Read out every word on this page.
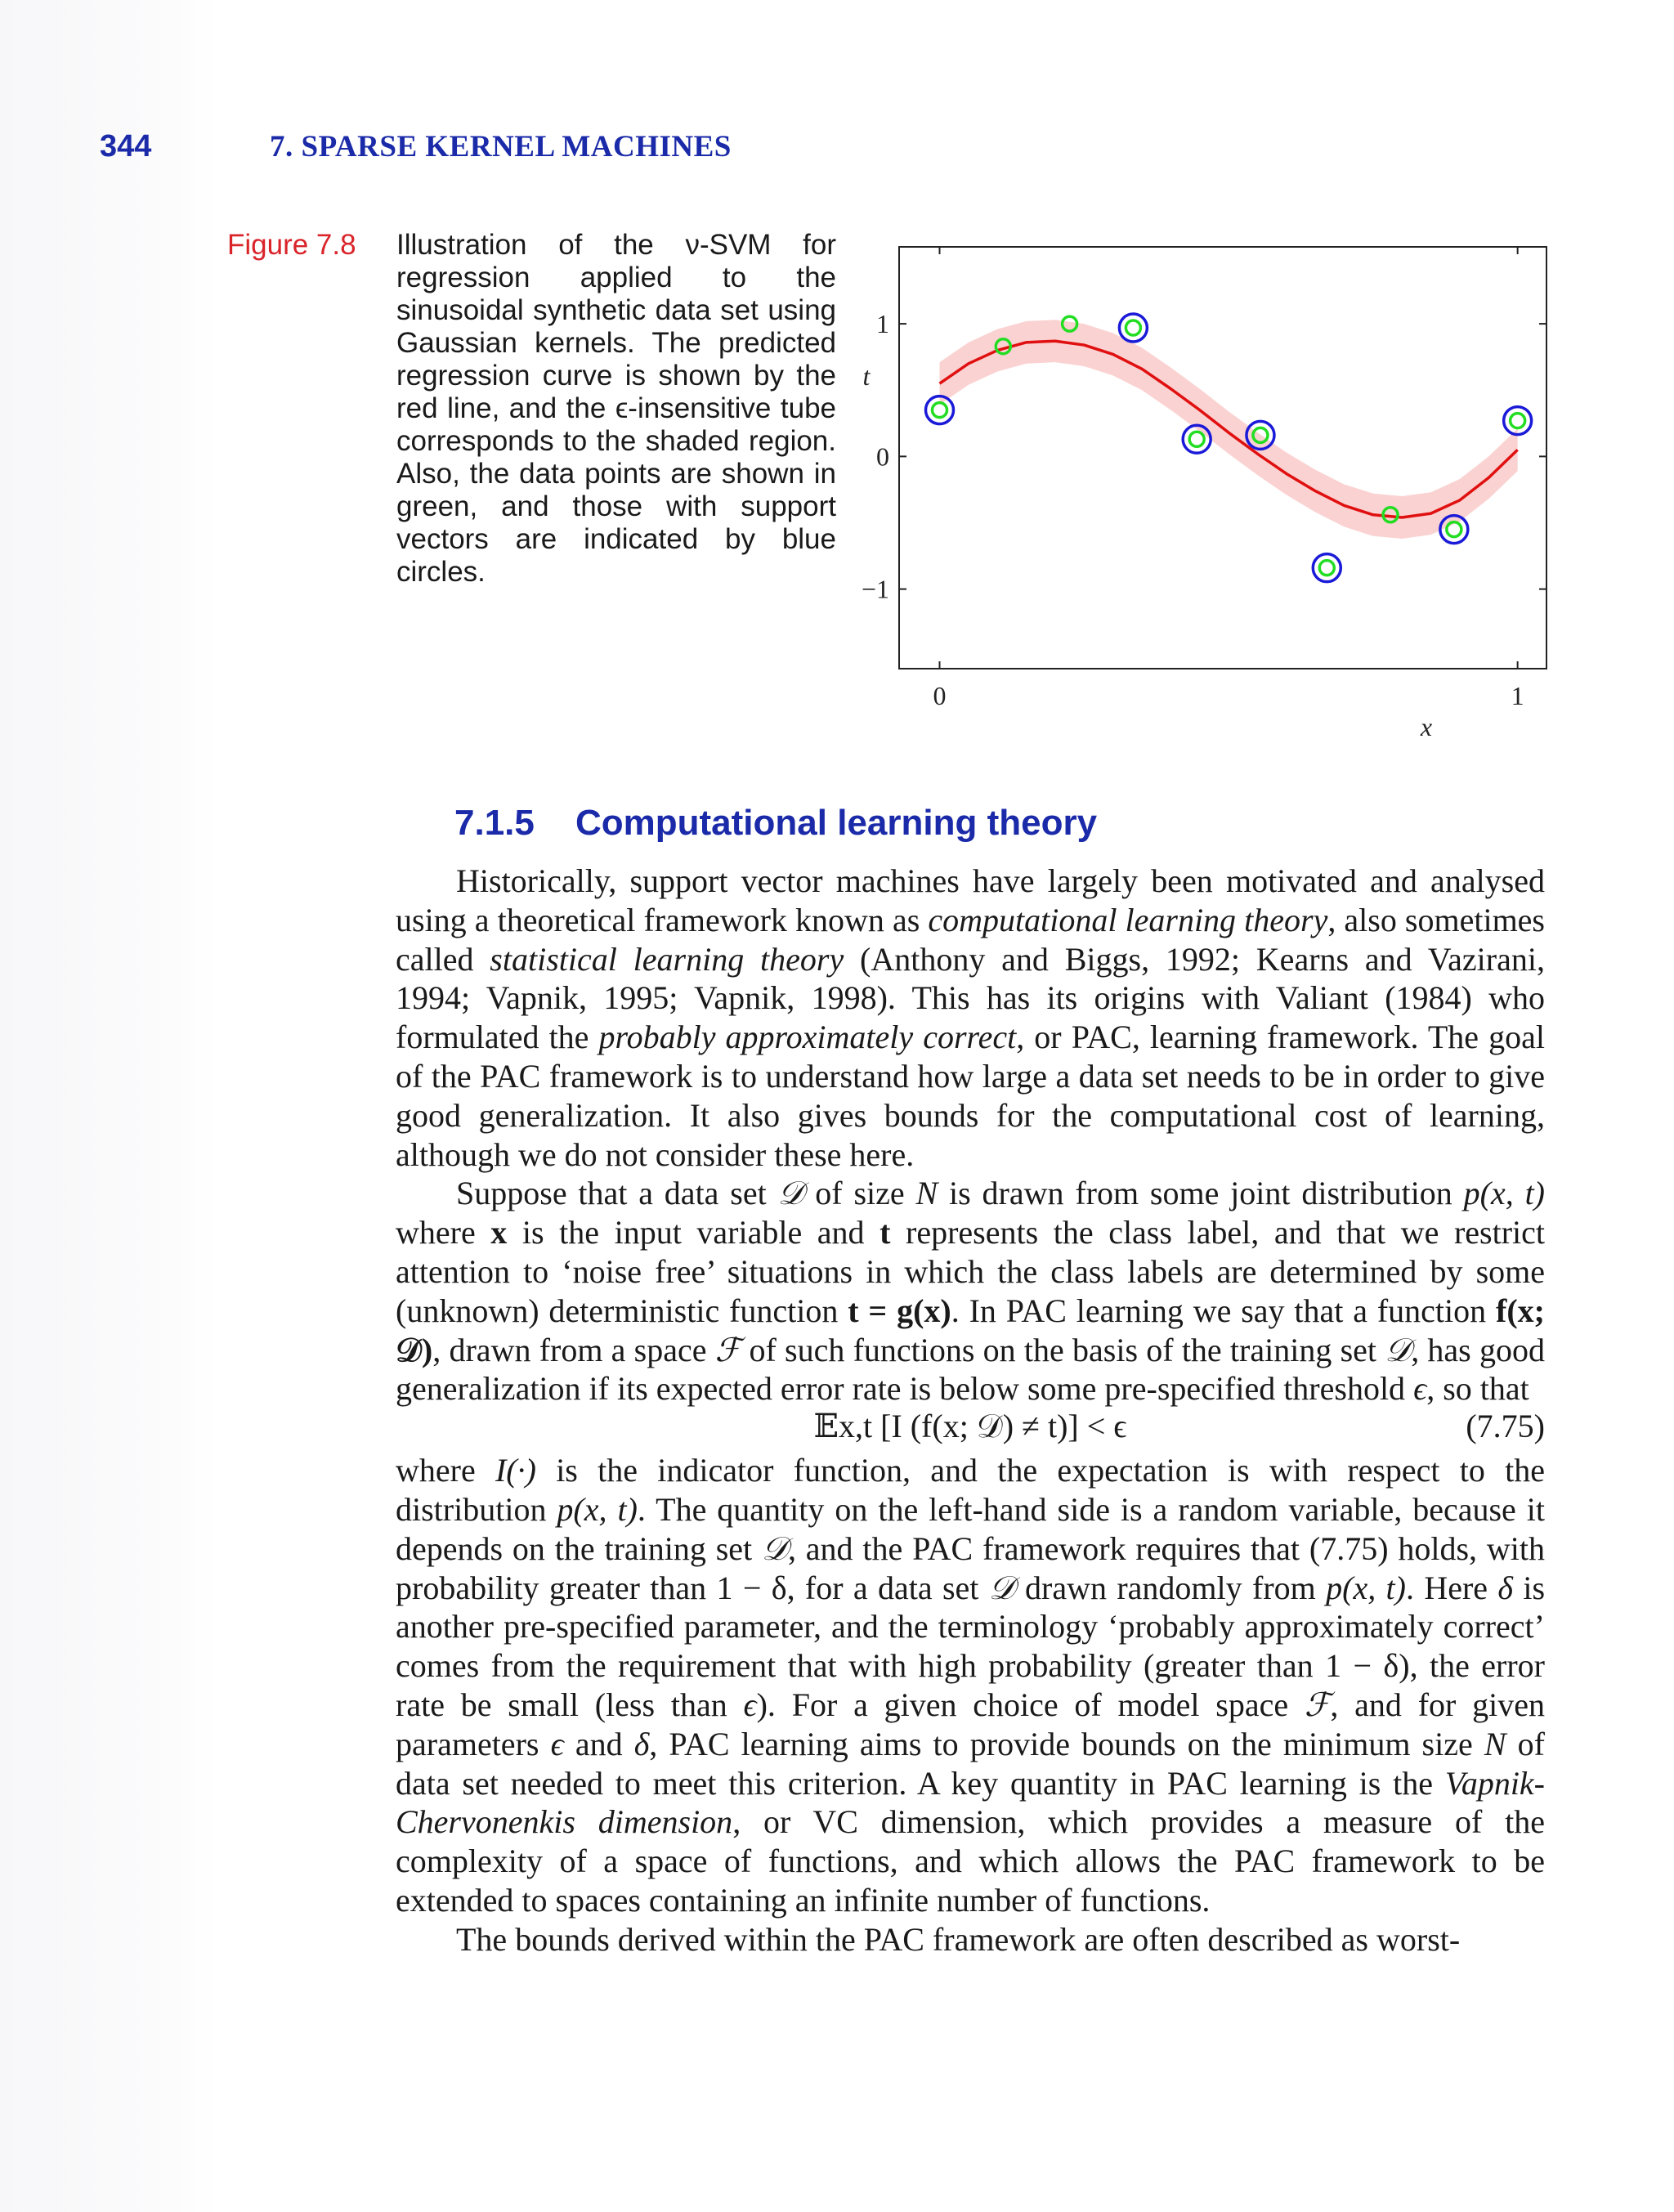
344	7. SPARSE KERNEL MACHINES
Figure 7.8 Illustration of the ν-SVM for regression applied to the sinusoidal synthetic data set using Gaussian kernels. The predicted regression curve is shown by the red line, and the ϵ-insensitive tube corresponds to the shaded region. Also, the data points are shown in green, and those with support vectors are indicated by blue circles.
0	1
−1
0
1
x
t
7.1.5 Computational learning theory

Historically, support vector machines have largely been motivated and analysed using a theoretical framework known as computational learning theory, also sometimes called statistical learning theory (Anthony and Biggs, 1992; Kearns and Vazirani, 1994; Vapnik, 1995; Vapnik, 1998). This has its origins with Valiant (1984) who formulated the probably approximately correct, or PAC, learning framework. The goal of the PAC framework is to understand how large a data set needs to be in order to give good generalization. It also gives bounds for the computational cost of learning, although we do not consider these here.

Suppose that a data set 𝒟 of size N is drawn from some joint distribution p(x, t) where x is the input variable and t represents the class label, and that we restrict attention to ‘noise free’ situations in which the class labels are determined by some (unknown) deterministic function t = g(x). In PAC learning we say that a function f(x; 𝒟), drawn from a space ℱ of such functions on the basis of the training set 𝒟, has good generalization if its expected error rate is below some pre-specified threshold ϵ, so that

𝔼x,t [I (f(x; 𝒟) ≠ t)] < ϵ	(7.75)

where I(·) is the indicator function, and the expectation is with respect to the distribution p(x, t). The quantity on the left-hand side is a random variable, because it depends on the training set 𝒟, and the PAC framework requires that (7.75) holds, with probability greater than 1 − δ, for a data set 𝒟 drawn randomly from p(x, t). Here δ is another pre-specified parameter, and the terminology ‘probably approximately correct’ comes from the requirement that with high probability (greater than 1 − δ), the error rate be small (less than ϵ). For a given choice of model space ℱ, and for given parameters ϵ and δ, PAC learning aims to provide bounds on the minimum size N of data set needed to meet this criterion. A key quantity in PAC learning is the Vapnik-Chervonenkis dimension, or VC dimension, which provides a measure of the complexity of a space of functions, and which allows the PAC framework to be extended to spaces containing an infinite number of functions.

The bounds derived within the PAC framework are often described as worst-
